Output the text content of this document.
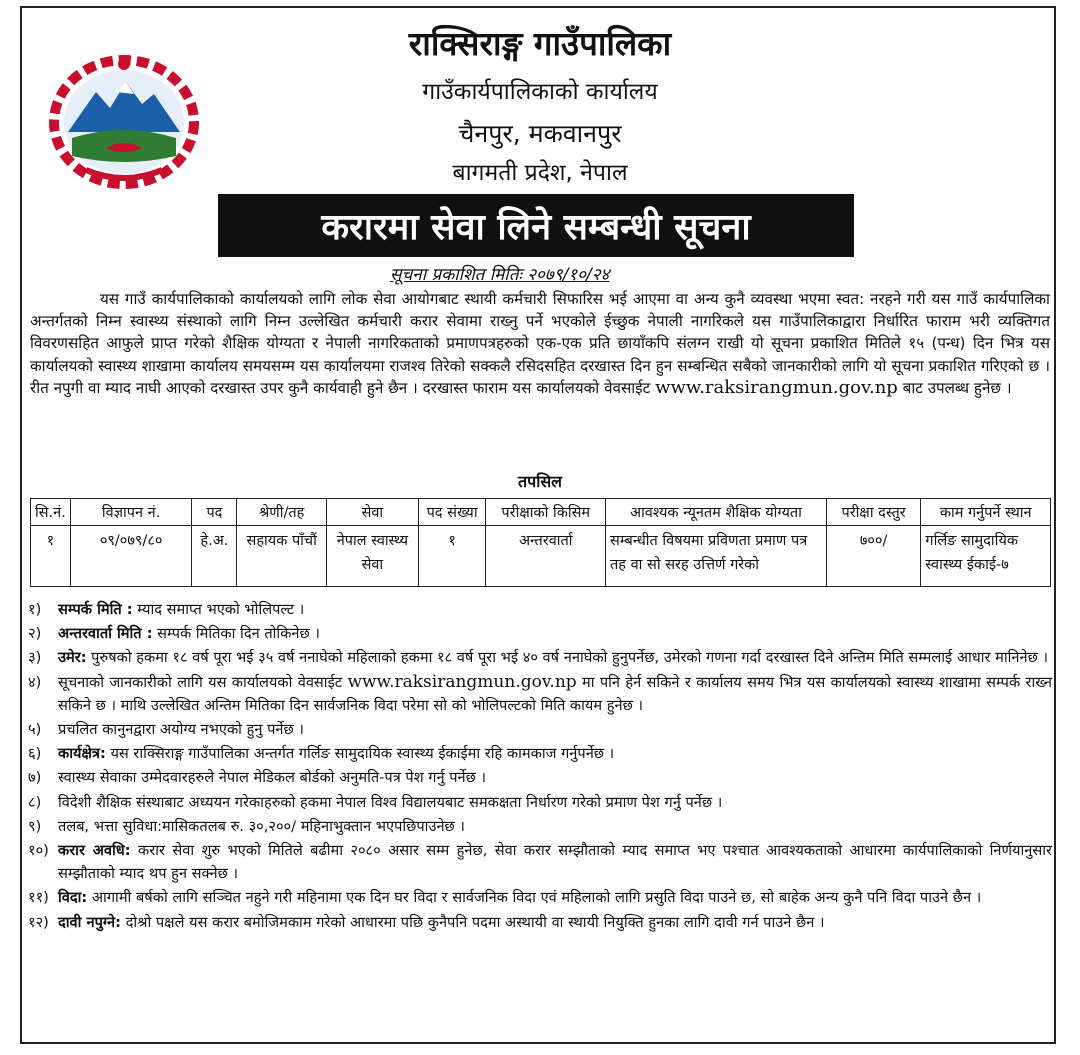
राक्सिराङ्ग गाउँपालिका
गाउँकार्यपालिकाको कार्यालय
चैनपुर, मकवानपुर
बागमती प्रदेश, नेपाल
करारमा सेवा लिने सम्बन्धी सूचना
सूचना प्रकाशित मितिः २०७९/१०/२४

यस गाउँ कार्यपालिकाको कार्यालयको लागि लोक सेवा आयोगबाट स्थायी कर्मचारी सिफारिस भई आएमा वा अन्य कुनै व्यवस्था भएमा स्वत: नरहने गरी यस गाउँ कार्यपालिका अन्तर्गतको निम्न स्वास्थ्य संस्थाको लागि निम्न उल्लेखित कर्मचारी करार सेवामा राख्नु पर्ने भएकोले ईच्छुक नेपाली नागरिकले यस गाउँपालिकाद्वारा निर्धारित फाराम भरी व्यक्तिगत विवरणसहित आफुले प्राप्त गरेको शैक्षिक योग्यता र नेपाली नागरिकताको प्रमाणपत्रहरुको एक-एक प्रति छायाँकपि संलग्न राखी यो सूचना प्रकाशित मितिले १५ (पन्ध) दिन भित्र यस कार्यालयको स्वास्थ्य शाखामा कार्यालय समयसम्म यस कार्यालयमा राजश्व तिरेको सक्कलै रसिदसहित दरखास्त दिन हुन सम्बन्धित सबैको जानकारीको लागि यो सूचना प्रकाशित गरिएको छ । रीत नपुगी वा म्याद नाघी आएको दरखास्त उपर कुनै कार्यवाही हुने छैन । दरखास्त फाराम यस कार्यालयको वेवसाईट www.raksirangmun.gov.np बाट उपलब्ध हुनेछ ।

तपसिल
सि.नं.	विज्ञापन नं.	पद	श्रेणी/तह	सेवा	पद संख्या	परीक्षाको किसिम	आवश्यक न्यूनतम शैक्षिक योग्यता	परीक्षा दस्तुर	काम गर्नुपर्ने स्थान
१	०९/०७९/८०	हे.अ.	सहायक पाँचौं	नेपाल स्वास्थ्य सेवा	१	अन्तरवार्ता	सम्बन्धीत विषयमा प्रविणता प्रमाण पत्र तह वा सो सरह उत्तिर्ण गरेको	७००/	गर्लिङ सामुदायिक स्वास्थ्य ईकाई-७
१)	सम्पर्क मिति : म्याद समाप्त भएको भोलिपल्ट ।
२)	अन्तरवार्ता मिति : सम्पर्क मितिका दिन तोकिनेछ ।
३)	उमेर: पुरुषको हकमा १८ वर्ष पूरा भई ३५ वर्ष ननाघेको महिलाको हकमा १८ वर्ष पूरा भई ४० वर्ष ननाघेको हुनुपर्नेछ, उमेरको गणना गर्दा दरखास्त दिने अन्तिम मिति सम्मलाई आधार मानिनेछ ।
४)	सूचनाको जानकारीको लागि यस कार्यालयको वेवसाईट www.raksirangmun.gov.np मा पनि हेर्न सकिने र कार्यालय समय भित्र यस कार्यालयको स्वास्थ्य शाखामा सम्पर्क राख्न सकिने छ । माथि उल्लेखित अन्तिम मितिका दिन सार्वजनिक विदा परेमा सो को भोलिपल्टको मिति कायम हुनेछ ।
५)	प्रचलित कानुनद्वारा अयोग्य नभएको हुनु पर्नेछ ।
६)	कार्यक्षेत्र: यस राक्सिराङ्ग गाउँपालिका अन्तर्गत गर्लिङ सामुदायिक स्वास्थ्य ईकाईमा रहि कामकाज गर्नुपर्नेछ ।
७)	स्वास्थ्य सेवाका उम्मेदवारहरुले नेपाल मेडिकल बोर्डको अनुमति-पत्र पेश गर्नु पर्नेछ ।
८)	विदेशी शैक्षिक संस्थाबाट अध्ययन गरेकाहरुको हकमा नेपाल विश्व विद्यालयबाट समकक्षता निर्धारण गरेको प्रमाण पेश गर्नु पर्नेछ ।
९)	तलब, भत्ता सुविधा:मासिकतलब रु. ३०,२००/ महिनाभुक्तान भएपछिपाउनेछ ।
१०) करार अवधि: करार सेवा शुरु भएको मितिले बढीमा २०८० असार सम्म हुनेछ, सेवा करार सम्झौताको म्याद समाप्त भए पश्चात आवश्यकताको आधारमा कार्यपालिकाको निर्णयानुसार सम्झौताको म्याद थप हुन सक्नेछ ।
११) विदा: आगामी बर्षको लागि सञ्चित नहुने गरी महिनामा एक दिन घर विदा र सार्वजनिक विदा एवं महिलाको लागि प्रसुति विदा पाउने छ, सो बाहेक अन्य कुनै पनि विदा पाउने छैन ।
१२) दावी नपुग्ने: दोश्रो पक्षले यस करार बमोजिमकाम गरेको आधारमा पछि कुनैपनि पदमा अस्थायी वा स्थायी नियुक्ति हुनका लागि दावी गर्न पाउने छैन ।
